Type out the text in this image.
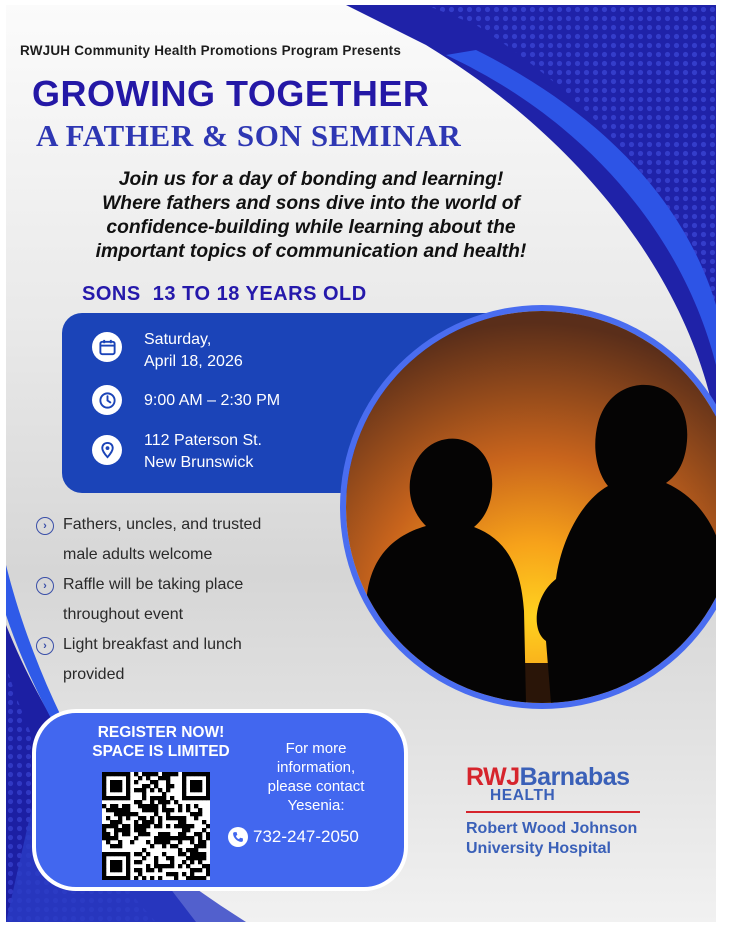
RWJUH Community Health Promotions Program Presents

GROWING TOGETHER
A FATHER & SON SEMINAR
Join us for a day of bonding and learning!
Where fathers and sons dive into the world of
confidence-building while learning about the
important topics of communication and health!
SONS  13 TO 18 YEARS OLD
Saturday,
April 18, 2026
9:00 AM – 2:30 PM
112 Paterson St.
New Brunswick
›	Fathers, uncles, and trusted
male adults welcome
›	Raffle will be taking place
throughout event
›	Light breakfast and lunch
provided
REGISTER NOW!
SPACE IS LIMITED	For more
information,
please contact
Yesenia:
732-247-2050
RWJBarnabas
HEALTH
Robert Wood Johnson
University Hospital
